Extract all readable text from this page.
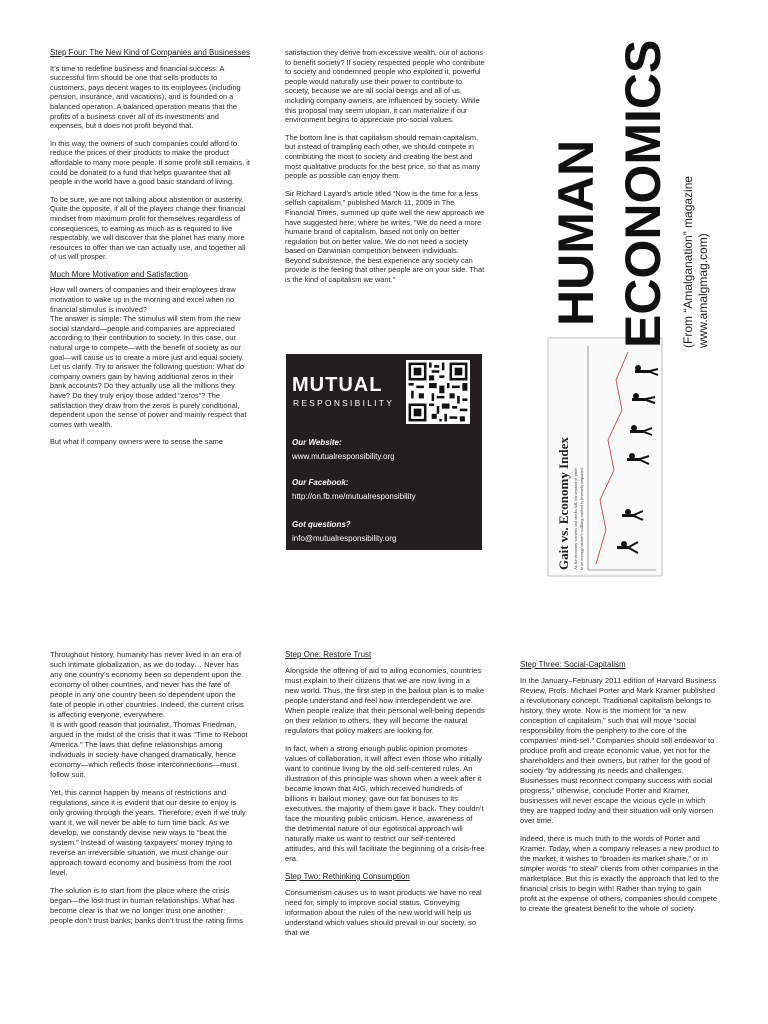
Step Four: The New Kind of Companies and Businesses

It’s time to redefine business and financial success. A successful firm should be one that sells products to customers, pays decent wages to its employees (including pension, insurance, and vacations), and is founded on a balanced operation. A balanced operation means that the profits of a business cover all of its investments and expenses, but it does not profit beyond that.

In this way, the owners of such companies could afford to reduce the prices of their products to make the product affordable to many more people. If some profit still remains, it could be donated to a fund that helps guarantee that all people in the world have a good basic standard of living.

To be sure, we are not talking about abstention or austerity. Quite the opposite, if all of the players change their financial mindset from maximum profit for themselves regardless of consequences, to earning as much as is required to live respectably, we will discover that the planet has many more resources to offer than we can actually use, and together all of us will prosper.

Much More Motivation and Satisfaction

How will owners of companies and their employees draw motivation to wake up in the morning and excel when no financial stimulus is involved?
The answer is simple: The stimulus will stem from the new social standard—people and companies are appreciated according to their contribution to society. In this case, our natural urge to compete—with the benefit of society as our goal—will cause us to create a more just and equal society.
Let us clarify. Try to answer the following question: What do company owners gain by having additional zeros in their bank accounts? Do they actually use all the millions they have? Do they truly enjoy those added “zeros”? The satisfaction they draw from the zeros is purely conditional, dependent upon the sense of power and mainly respect that comes with wealth.

But what if company owners were to sense the same

satisfaction they derive from excessive wealth, out of actions to benefit society? If society respected people who contribute to society and condemned people who exploited it, powerful people would naturally use their power to contribute to society, because we are all social beings and all of us, including company owners, are influenced by society. While this proposal may seem utopian, it can materialize if our environment begins to appreciate pro-social values.

The bottom line is that capitalism should remain capitalism, but instead of trampling each other, we should compete in contributing the most to society and creating the best and most qualitative products for the best price, so that as many people as possible can enjoy them.

Sir Richard Layard’s article titled “Now is the time for a less selfish capitalism,” published March 11, 2009 in The Financial Times, summed up quite well the new approach we have suggested here, where he writes, “We do need a more humane brand of capitalism, based not only on better regulation but on better value. We do not need a society based on Darwinian competition between individuals. Beyond subsistence, the best experience any society can provide is the feeling that other people are on your side. That is the kind of capitalism we want.”

MUTUAL
RESPONSIBILITY
Our Website:
www.mutualresponsibility.org
Our Facebook:
http://on.fb.me/mutualresponsibility
Got questions?
info@mutualresponsibility.org	Gait vs. Economy Index As the economy worsens and stocks fall, the amount of pride in an average citizen's walking method is inversely impacted.
HUMAN ECONOMICS (From “Amalganation” magazine www.amalgmag.com)

Throughout history, humanity has never lived in an era of such intimate globalization, as we do today… Never has any one country’s economy been so dependent upon the economy of other countries, and never has the fate of people in any one country been so dependent upon the fate of people in other countries. Indeed, the current crisis is affecting everyone, everywhere.
It is with good reason that journalist, Thomas Friedman, argued in the midst of the crisis that it was “Time to Reboot America.” The laws that define relationships among individuals in society have changed dramatically, hence economy—which reflects those interconnections—must follow suit.

Yet, this cannot happen by means of restrictions and regulations, since it is evident that our desire to enjoy is only growing through the years. Therefore, even if we truly want it, we will never be able to turn time back. As we develop, we constantly devise new ways to “beat the system.” Instead of wasting taxpayers’ money trying to reverse an irreversible situation, we must change our approach toward economy and business from the root level.

The solution is to start from the place where the crisis began—the lost trust in human relationships. What has become clear is that we no longer trust one another: people don’t trust banks; banks don’t trust the rating firms

Step One: Restore Trust

Alongside the offering of aid to ailing economies, countries must explain to their citizens that we are now living in a new world. Thus, the first step in the bailout plan is to make people understand and feel how interdependent we are. When people realize that their personal well-being depends on their relation to others, they will become the natural regulators that policy makers are looking for.

In fact, when a strong enough public opinion promotes values of collaboration, it will affect even those who initially want to continue living by the old self-centered rules. An illustration of this principle was shown when a week after it became known that AIG, which received hundreds of billions in bailout money, gave out fat bonuses to its executives, the majority of them gave it back. They couldn’t face the mounting public criticism. Hence, awareness of the detrimental nature of our egotistical approach will naturally make us want to restrict our self-centered attitudes, and this will facilitate the beginning of a crisis-free era.

Step Two: Rethinking Consumption

Consumerism causes us to want products we have no real need for, simply to improve social status. Conveying information about the rules of the new world will help us understand which values should prevail in our society, so that we

Step Three: Social-Capitalism

In the January–February 2011 edition of Harvard Business Review, Profs. Michael Porter and Mark Kramer published a revolutionary concept. Traditional capitalism belongs to history, they wrote. Now is the moment for “a new conception of capitalism,” such that will move “social responsibility from the periphery to the core of the companies’ mind-set.” Companies should still endeavor to produce profit and create economic value, yet not for the shareholders and their owners, but rather for the good of society “by addressing its needs and challenges. Businesses must reconnect company success with social progress,” otherwise, conclude Porter and Kramer, businesses will never escape the vicious cycle in which they are trapped today and their situation will only worsen over time.

Indeed, there is much truth to the words of Porter and Kramer. Today, when a company releases a new product to the market, it wishes to “broaden its market share,” or in simpler words “to steal” clients from other companies in the marketplace. But this is exactly the approach that led to the financial crisis to begin with! Rather than trying to gain profit at the expense of others, companies should compete to create the greatest benefit to the whole of society.
